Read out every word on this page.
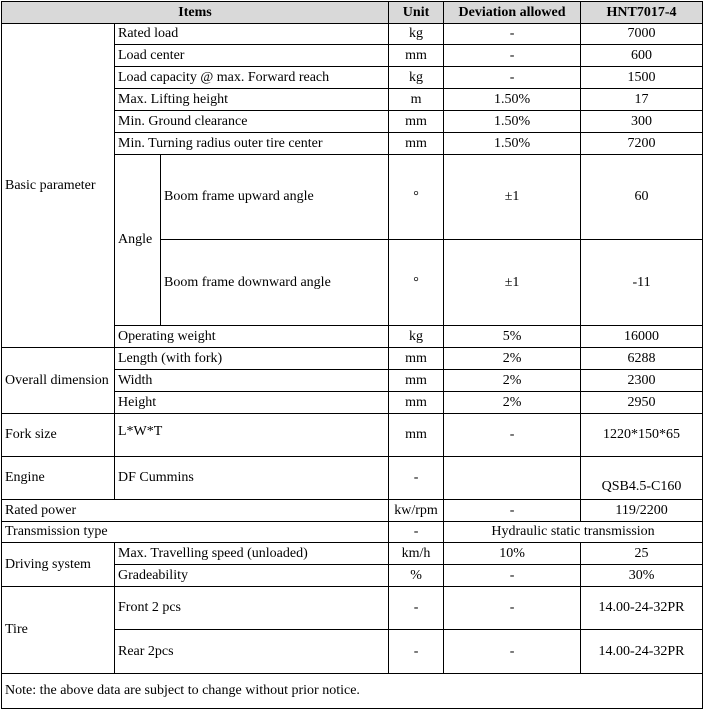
Items			Unit	Deviation allowed	HNT7017-4
Basic parameter	Rated load		kg	-	7000
	Load center		mm	-	600
	Load capacity @ max. Forward reach		kg	-	1500
	Max. Lifting height		m	1.50%	17
	Min. Ground clearance		mm	1.50%	300
	Min. Turning radius outer tire center		mm	1.50%	7200
	Angle	Boom frame upward angle	°	±1	60
		Boom frame downward angle	°	±1	-11
	Operating weight		kg	5%	16000

Overall dimension	Length (with fork)		mm	2%	6288
	Width		mm	2%	2300
	Height		mm	2%	2950
Fork size	L*W*T		mm	-	1220*150*65
Engine	DF Cummins		-		QSB4.5-C160
Rated power			kw/rpm	-	119/2200
Transmission type			-	Hydraulic static transmission	
Driving system	Max. Travelling speed (unloaded)		km/h	10%	25
	Gradeability		%	-	30%
Tire	Front 2 pcs		-	-	14.00-24-32PR
	Rear 2pcs		-	-	14.00-24-32PR
Note: the above data are subject to change without prior notice.					
